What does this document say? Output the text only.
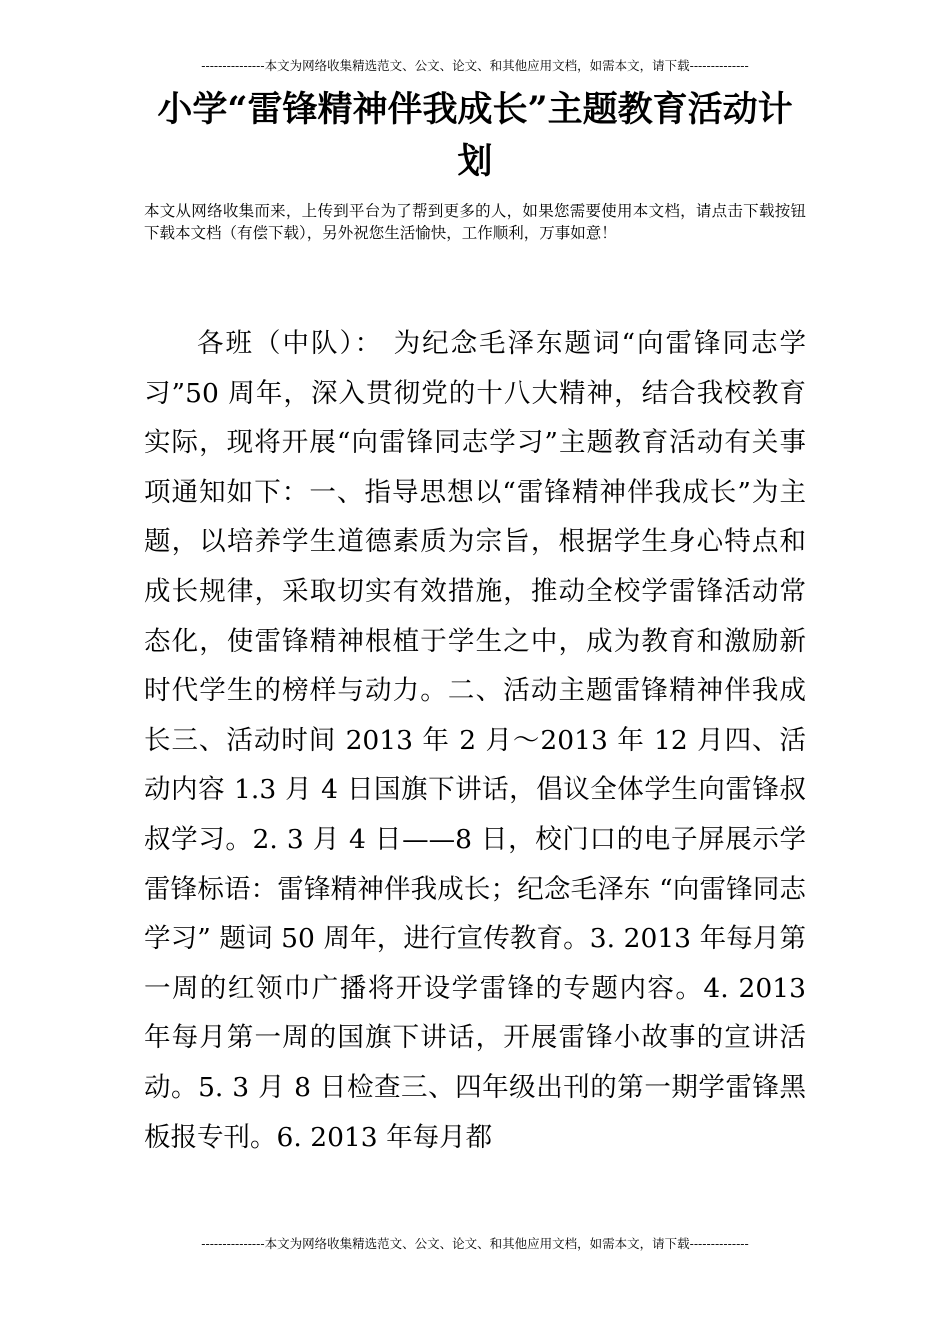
---------------本文为网络收集精选范文、公文、论文、和其他应用文档，如需本文，请下载--------------
小学“雷锋精神伴我成长”主题教育活动计划

本文从网络收集而来，上传到平台为了帮到更多的人，如果您需要使用本文档，请点击下载按钮下载本文档（有偿下载），另外祝您生活愉快，工作顺利，万事如意！

各班（中队）： 为纪念毛泽东题词“向雷锋同志学习”50 周年，深入贯彻党的十八大精神，结合我校教育实际，现将开展“向雷锋同志学习”主题教育活动有关事项通知如下：一、指导思想以“雷锋精神伴我成长”为主题，以培养学生道德素质为宗旨，根据学生身心特点和成长规律，采取切实有效措施，推动全校学雷锋活动常态化，使雷锋精神根植于学生之中，成为教育和激励新时代学生的榜样与动力。二、活动主题雷锋精神伴我成长三、活动时间 2013 年 2 月～2013 年 12 月四、活动内容 1.3 月 4 日国旗下讲话，倡议全体学生向雷锋叔叔学习。2. 3 月 4 日——8 日，校门口的电子屏展示学雷锋标语：雷锋精神伴我成长；纪念毛泽东 “向雷锋同志学习” 题词 50 周年，进行宣传教育。3. 2013 年每月第一周的红领巾广播将开设学雷锋的专题内容。4. 2013 年每月第一周的国旗下讲话，开展雷锋小故事的宣讲活动。5. 3 月 8 日检查三、四年级出刊的第一期学雷锋黑板报专刊。6. 2013 年每月都

---------------本文为网络收集精选范文、公文、论文、和其他应用文档，如需本文，请下载--------------
